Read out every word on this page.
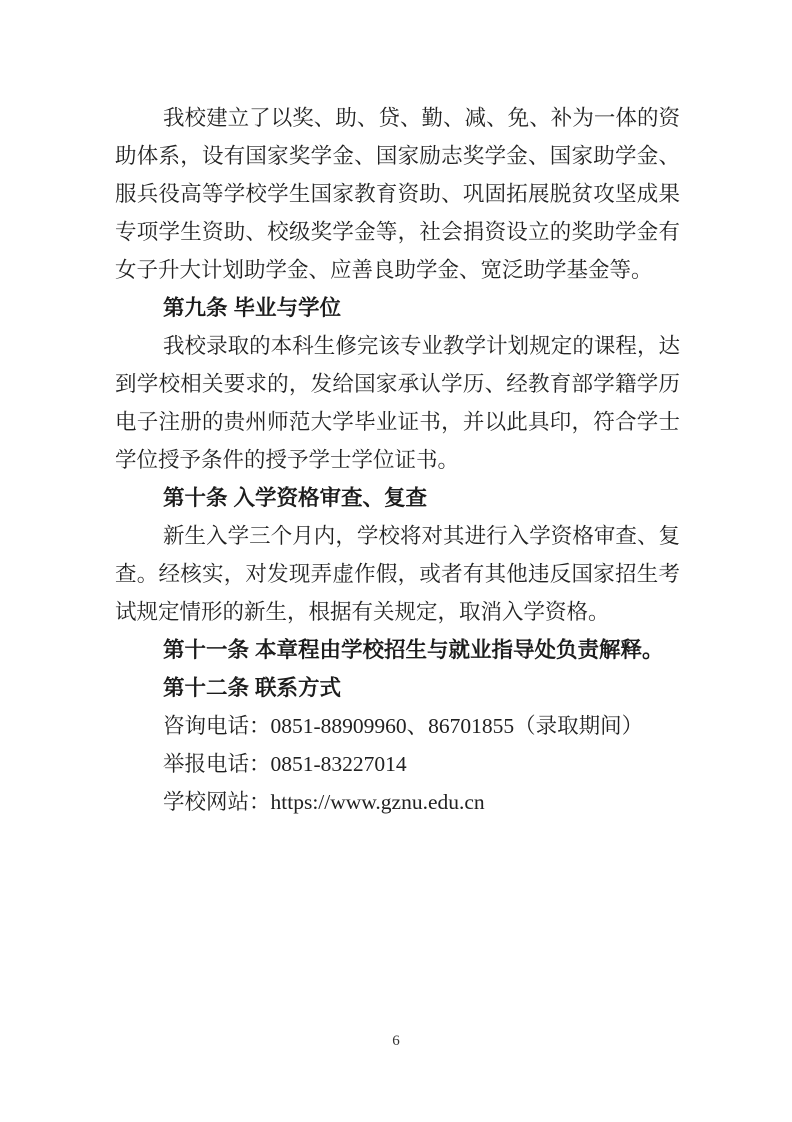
我校建立了以奖、助、贷、勤、减、免、补为一体的资助体系，设有国家奖学金、国家励志奖学金、国家助学金、服兵役高等学校学生国家教育资助、巩固拓展脱贫攻坚成果专项学生资助、校级奖学金等，社会捐资设立的奖助学金有女子升大计划助学金、应善良助学金、宽泛助学基金等。

第九条 毕业与学位

我校录取的本科生修完该专业教学计划规定的课程，达到学校相关要求的，发给国家承认学历、经教育部学籍学历电子注册的贵州师范大学毕业证书，并以此具印，符合学士学位授予条件的授予学士学位证书。

第十条 入学资格审查、复查

新生入学三个月内，学校将对其进行入学资格审查、复查。经核实，对发现弄虚作假，或者有其他违反国家招生考试规定情形的新生，根据有关规定，取消入学资格。

第十一条 本章程由学校招生与就业指导处负责解释。

第十二条 联系方式

咨询电话：0851-88909960、86701855（录取期间）

举报电话：0851-83227014

学校网站：https://www.gznu.edu.cn

6
